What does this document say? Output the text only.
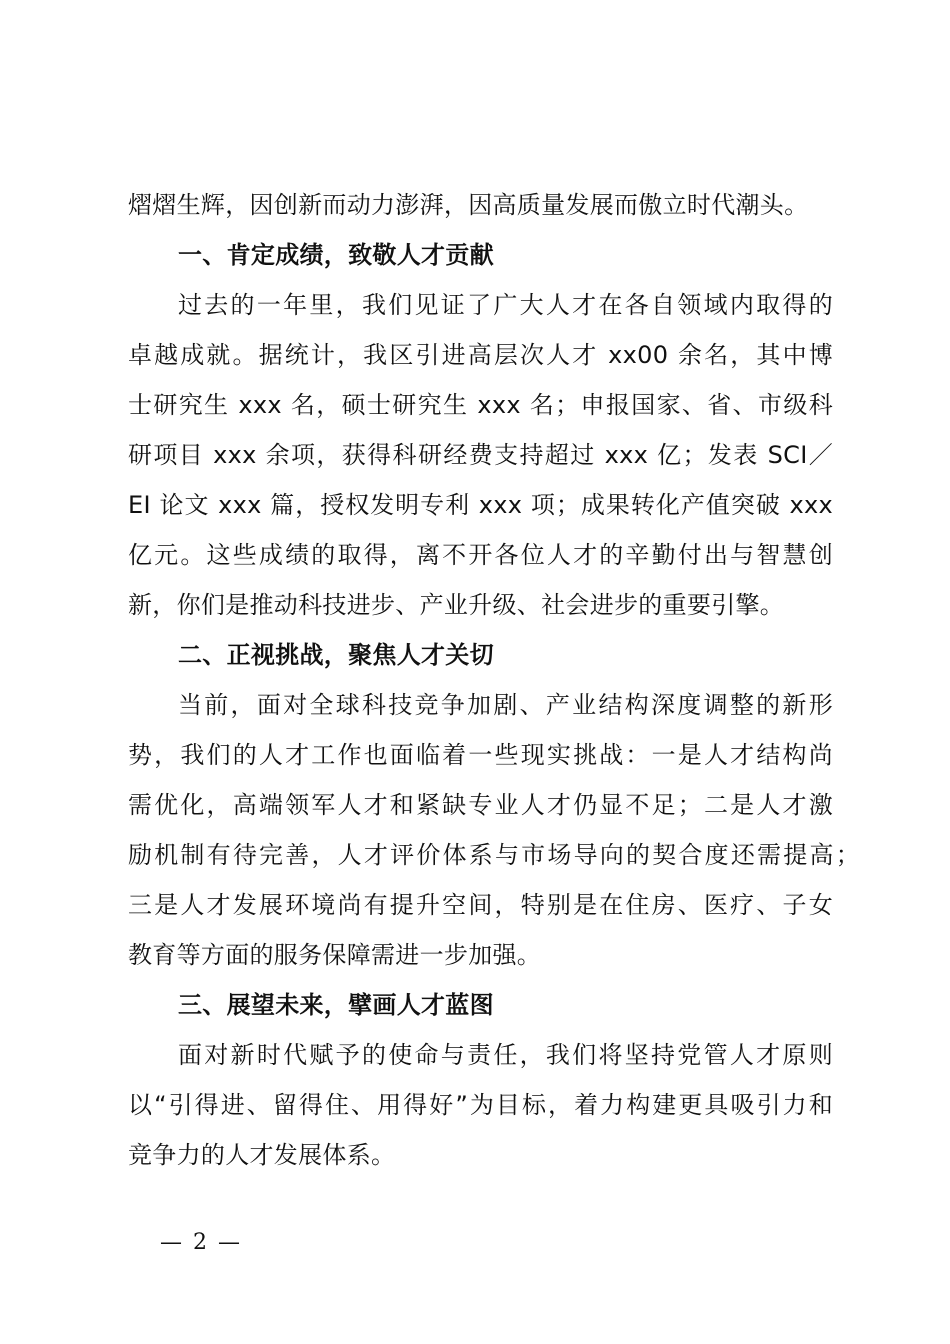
熠熠生辉，因创新而动力澎湃，因高质量发展而傲立时代潮头。
一、肯定成绩，致敬人才贡献
过去的一年里，我们见证了广大人才在各自领域内取得的
卓越成就。据统计，我区引进高层次人才 xx00 余名，其中博
士研究生 xxx 名，硕士研究生 xxx 名；申报国家、省、市级科
研项目 xxx 余项，获得科研经费支持超过 xxx 亿；发表 SCI／
EI 论文 xxx 篇，授权发明专利 xxx 项；成果转化产值突破 xxx
亿元。这些成绩的取得，离不开各位人才的辛勤付出与智慧创
新，你们是推动科技进步、产业升级、社会进步的重要引擎。
二、正视挑战，聚焦人才关切
当前，面对全球科技竞争加剧、产业结构深度调整的新形
势，我们的人才工作也面临着一些现实挑战：一是人才结构尚
需优化，高端领军人才和紧缺专业人才仍显不足；二是人才激
励机制有待完善，人才评价体系与市场导向的契合度还需提高；
三是人才发展环境尚有提升空间，特别是在住房、医疗、子女
教育等方面的服务保障需进一步加强。
三、展望未来，擘画人才蓝图
面对新时代赋予的使命与责任，我们将坚持党管人才原则
以“引得进、留得住、用得好”为目标，着力构建更具吸引力和
竞争力的人才发展体系。
— 2 —
